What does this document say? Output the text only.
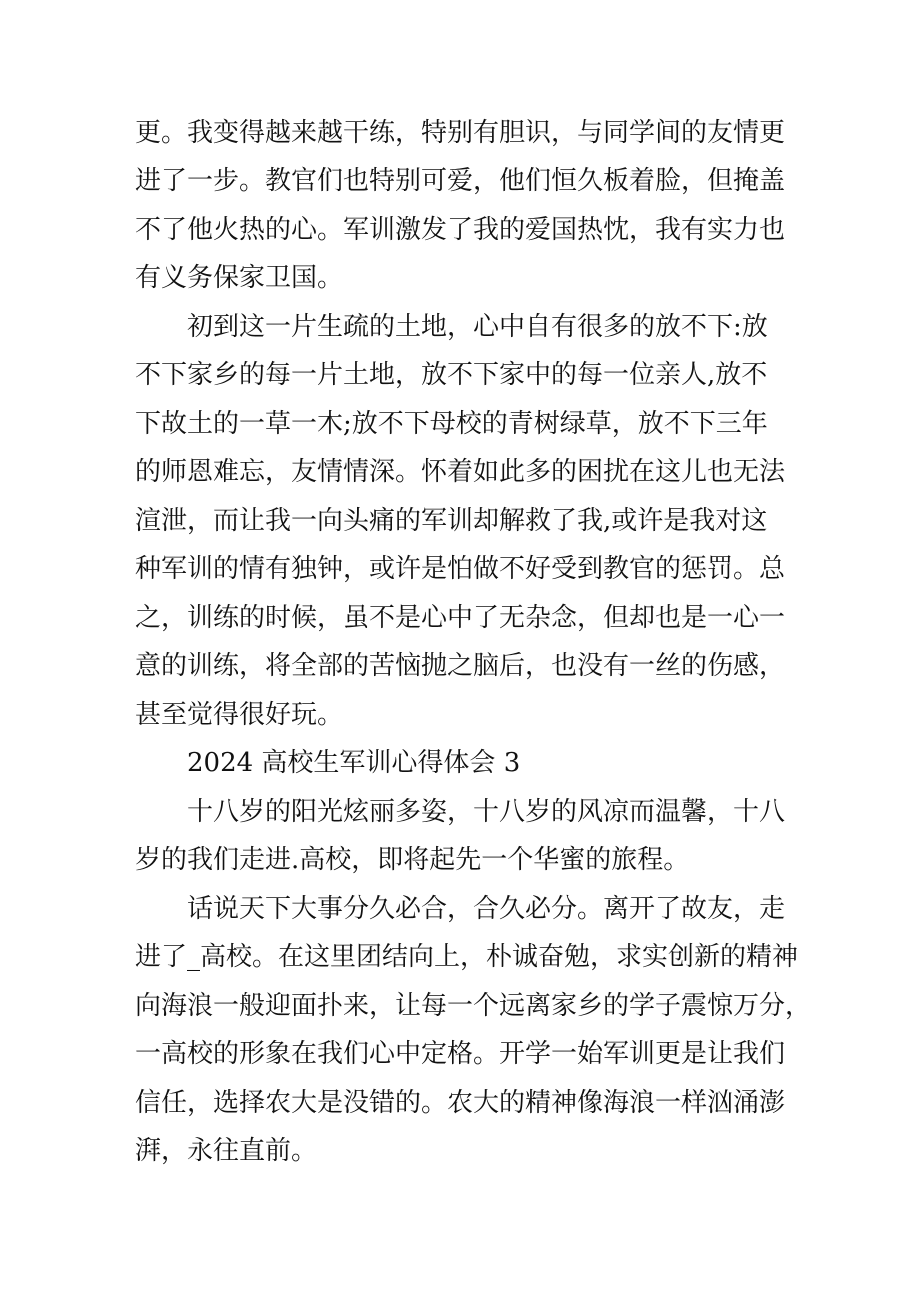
更。我变得越来越干练，特别有胆识，与同学间的友情更
进了一步。教官们也特别可爱，他们恒久板着脸，但掩盖
不了他火热的心。军训激发了我的爱国热忱，我有实力也
有义务保家卫国。
初到这一片生疏的土地，心中自有很多的放不下:放
不下家乡的每一片土地，放不下家中的每一位亲人,放不
下故土的一草一木;放不下母校的青树绿草，放不下三年
的师恩难忘，友情情深。怀着如此多的困扰在这儿也无法
渲泄，而让我一向头痛的军训却解救了我,或许是我对这
种军训的情有独钟，或许是怕做不好受到教官的惩罚。总
之，训练的时候，虽不是心中了无杂念，但却也是一心一
意的训练，将全部的苦恼抛之脑后，也没有一丝的伤感，
甚至觉得很好玩。
2024 高校生军训心得体会 3
十八岁的阳光炫丽多姿，十八岁的风凉而温馨，十八
岁的我们走进.高校，即将起先一个华蜜的旅程。
话说天下大事分久必合，合久必分。离开了故友，走
进了_高校。在这里团结向上，朴诚奋勉，求实创新的精神
向海浪一般迎面扑来，让每一个远离家乡的学子震惊万分，
一高校的形象在我们心中定格。开学一始军训更是让我们
信任，选择农大是没错的。农大的精神像海浪一样汹涌澎
湃，永往直前。
